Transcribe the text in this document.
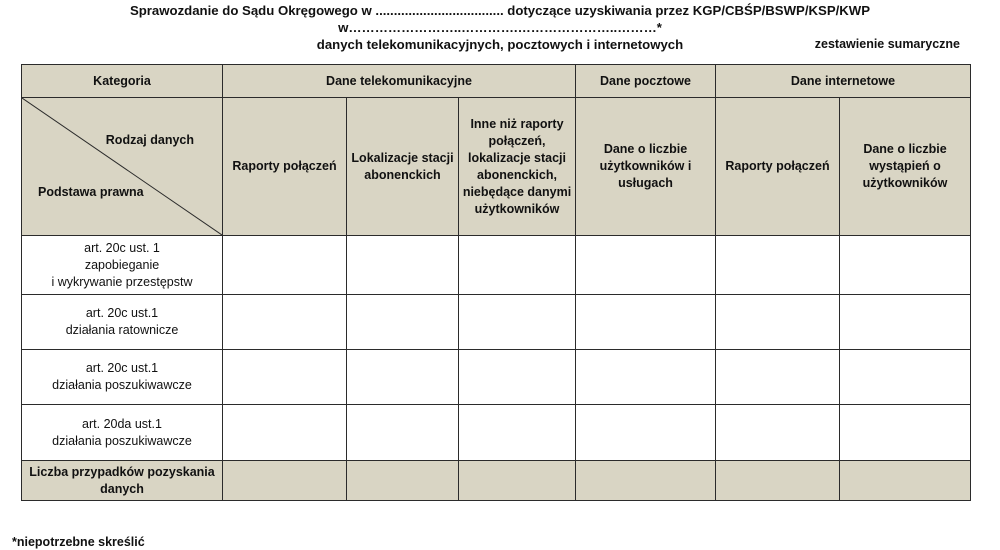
Sprawozdanie do Sądu Okręgowego w ................................... dotyczące uzyskiwania przez KGP/CBŚP/BSWP/KSP/KWP w……………………..………….…………………..………*
danych telekomunikacyjnych, pocztowych i internetowych	zestawienie sumaryczne
Kategoria	Dane telekomunikacyjne			Dane pocztowe	Dane internetowe	

Rodzaj danych
Podstawa prawna	Raporty połączeń	Lokalizacje stacji abonenckich	Inne niż raporty połączeń, lokalizacje stacji abonenckich, niebędące danymi użytkowników	Dane o liczbie użytkowników i usługach	Raporty połączeń	Dane o liczbie wystąpień o użytkowników

art. 20c ust. 1
zapobieganie
i wykrywanie przestępstw						

art. 20c ust.1
działania ratownicze						

art. 20c ust.1
działania poszukiwawcze						

art. 20da ust.1
działania poszukiwawcze						

Liczba przypadków pozyskania danych						
*niepotrzebne skreślić
